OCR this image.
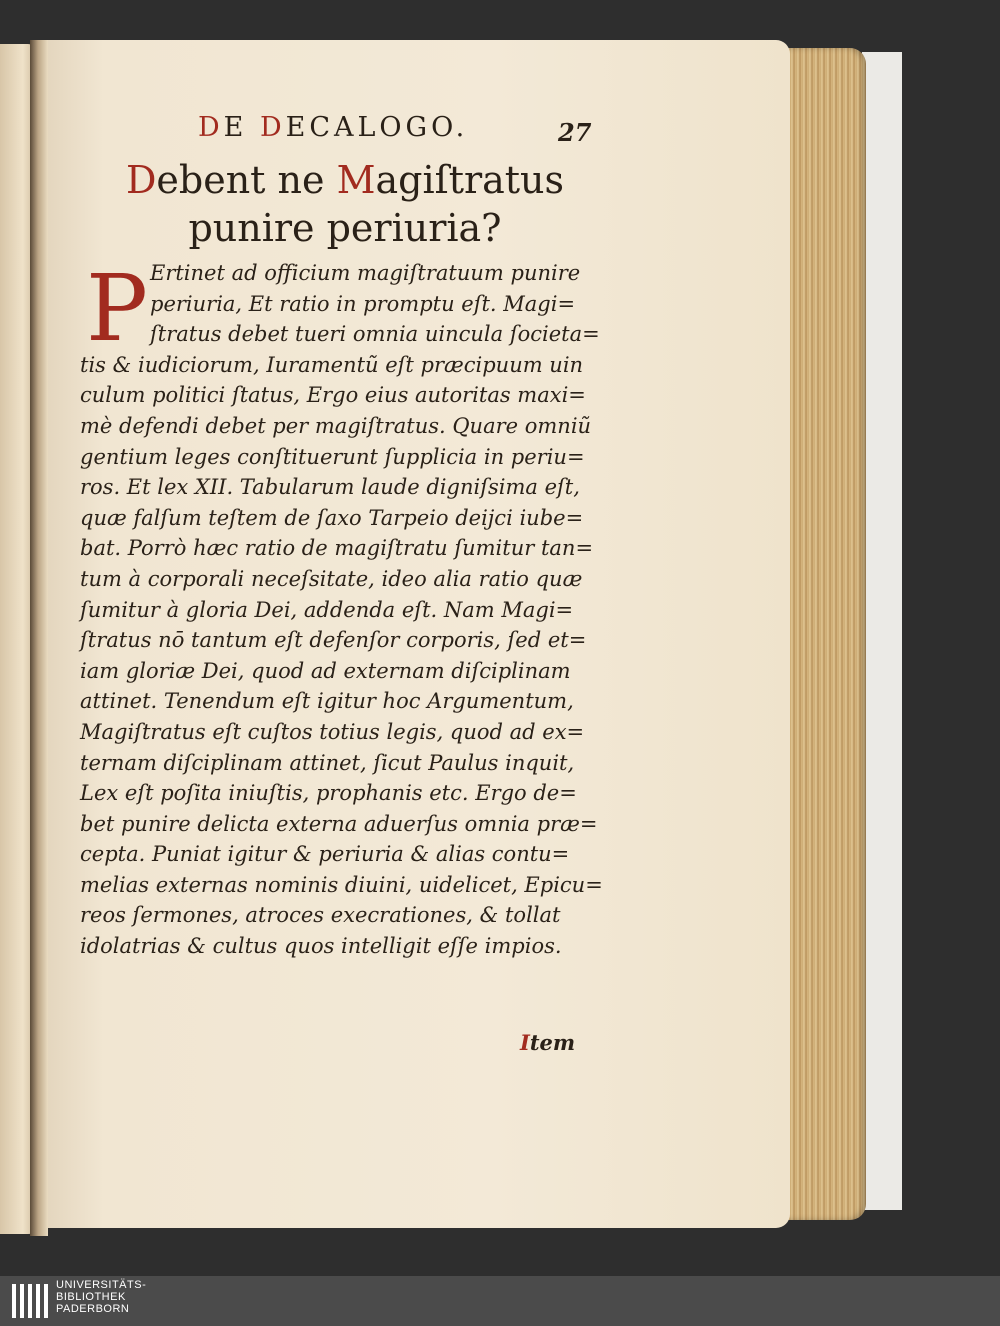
DE DECALOGO.	27
Debent ne Magiſtratus
punire periuria?
P Ertinet ad officium magiſtratuum punire
periuria, Et ratio in promptu eſt. Magi=
ſtratus debet tueri omnia uincula ſocieta=
tis & iudiciorum, Iuramentũ eſt præcipuum uin
culum politici ſtatus, Ergo eius autoritas maxi=
mè defendi debet per magiſtratus. Quare omniũ
gentium leges conſtituerunt ſupplicia in periu=
ros. Et lex XII. Tabularum laude digniſsima eſt,
quæ falſum teſtem de ſaxo Tarpeio deijci iube=
bat. Porrò hæc ratio de magiſtratu ſumitur tan=
tum à corporali neceſsitate, ideo alia ratio quæ
ſumitur à gloria Dei, addenda eſt. Nam Magi=
ſtratus nō tantum eſt defenſor corporis, ſed et=
iam gloriæ Dei, quod ad externam diſciplinam
attinet. Tenendum eſt igitur hoc Argumentum,
Magiſtratus eſt cuſtos totius legis, quod ad ex=
ternam diſciplinam attinet, ſicut Paulus inquit,
Lex eſt poſita iniuſtis, prophanis etc. Ergo de=
bet punire delicta externa aduerſus omnia præ=
cepta. Puniat igitur & periuria & alias contu=
melias externas nominis diuini, uidelicet, Epicu=
reos ſermones, atroces execrationes, & tollat
idolatrias & cultus quos intelligit eſſe impios.
Item
UNIVERSITÄTS-
BIBLIOTHEK
PADERBORN
